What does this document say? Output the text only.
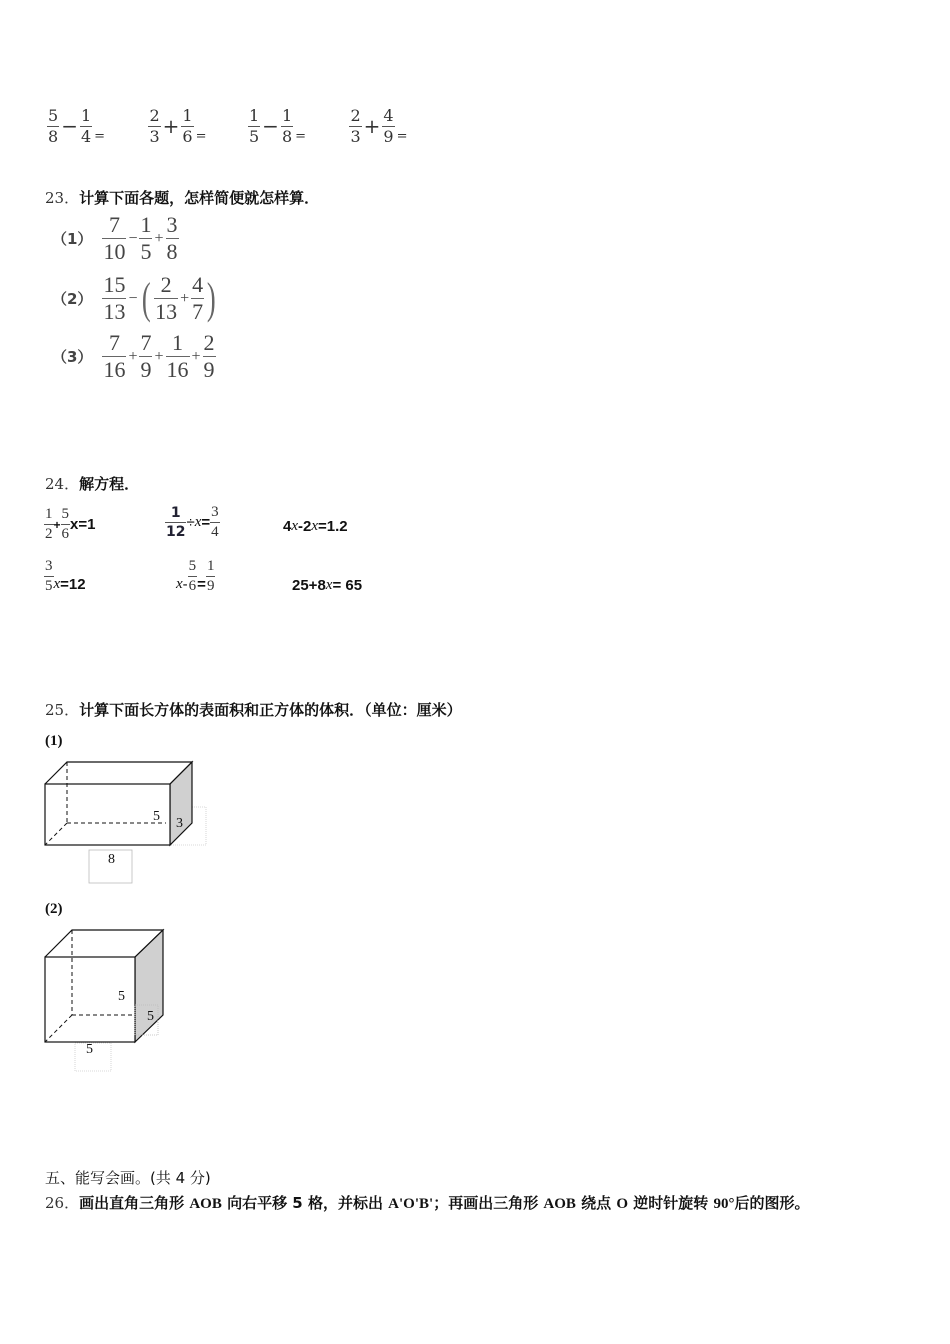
$\frac{5}{8} - \frac{1}{4}$ =	$\frac{2}{3} + \frac{1}{6}$ =	$\frac{1}{5} - \frac{1}{8}$ =	$\frac{2}{3} + \frac{4}{9}$ =
23．计算下面各题，怎样简便就怎样算．
$(1) \frac{7}{10} - \frac{1}{5} + \frac{3}{8}$
$(2) \frac{15}{13}$ − ( $\frac{2}{13} + \frac{4}{7}$ )
$(3) \frac{7}{16} + \frac{7}{9} + \frac{1}{16} + \frac{2}{9}$
24．解方程．
$\frac{1}{2} + \frac{5}{6} x=1$	$\frac{1}{12} \div x = \frac{3}{4}$	4 x -2 x =1.2
$\frac{3}{5}$ x =12	$x - \frac{5}{6} = \frac{1}{9}$	25+8 x = 65
25．计算下面长方体的表面积和正方体的体积．（单位：厘米）
(1)
5 3
8
(2)
5
5
5
五、能写会画。(共 4 分)
26．画出直角三角形 AOB 向右平移 5 格，并标出 A'O'B'；再画出三角形 AOB 绕点 O 逆时针旋转 90°后的图形。
